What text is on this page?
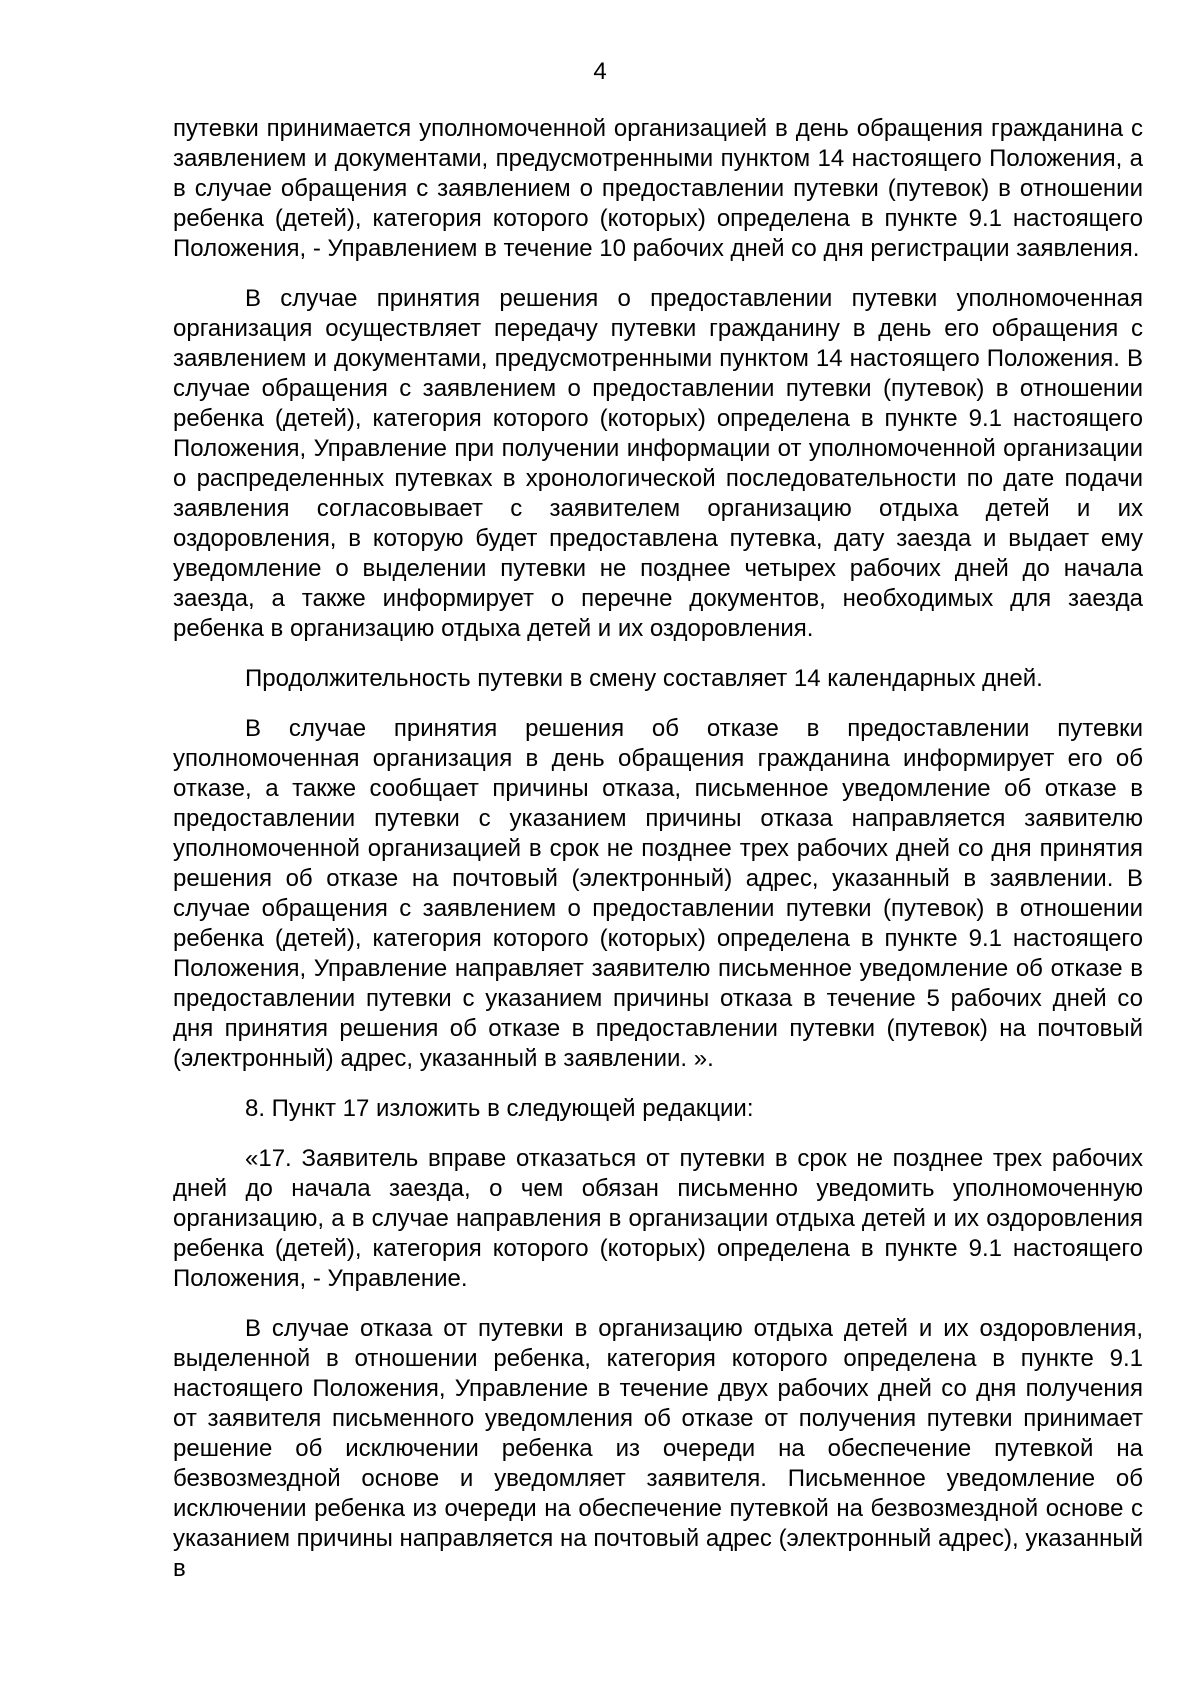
4

путевки принимается уполномоченной организацией в день обращения гражданина с заявлением и документами, предусмотренными пунктом 14 настоящего Положения, а в случае обращения с заявлением о предоставлении путевки (путевок) в отношении ребенка (детей), категория которого (которых) определена в пункте 9.1 настоящего Положения, - Управлением в течение 10 рабочих дней со дня регистрации заявления.

В случае принятия решения о предоставлении путевки уполномоченная организация осуществляет передачу путевки гражданину в день его обращения с заявлением и документами, предусмотренными пунктом 14 настоящего Положения. В случае обращения с заявлением о предоставлении путевки (путевок) в отношении ребенка (детей), категория которого (которых) определена в пункте 9.1 настоящего Положения, Управление при получении информации от уполномоченной организации о распределенных путевках в хронологической последовательности по дате подачи заявления согласовывает с заявителем организацию отдыха детей и их оздоровления, в которую будет предоставлена путевка, дату заезда и выдает ему уведомление о выделении путевки не позднее четырех рабочих дней до начала заезда, а также информирует о перечне документов, необходимых для заезда ребенка в организацию отдыха детей и их оздоровления.

Продолжительность путевки в смену составляет 14 календарных дней.

В случае принятия решения об отказе в предоставлении путевки уполномоченная организация в день обращения гражданина информирует его об отказе, а также сообщает причины отказа, письменное уведомление об отказе в предоставлении путевки с указанием причины отказа направляется заявителю уполномоченной организацией в срок не позднее трех рабочих дней со дня принятия решения об отказе на почтовый (электронный) адрес, указанный в заявлении. В случае обращения с заявлением о предоставлении путевки (путевок) в отношении ребенка (детей), категория которого (которых) определена в пункте 9.1 настоящего Положения, Управление направляет заявителю письменное уведомление об отказе в предоставлении путевки с указанием причины отказа в течение 5 рабочих дней со дня принятия решения об отказе в предоставлении путевки (путевок) на почтовый (электронный) адрес, указанный в заявлении. ».

8. Пункт 17 изложить в следующей редакции:

«17. Заявитель вправе отказаться от путевки в срок не позднее трех рабочих дней до начала заезда, о чем обязан письменно уведомить уполномоченную организацию, а в случае направления в организации отдыха детей и их оздоровления ребенка (детей), категория которого (которых) определена в пункте 9.1 настоящего Положения, - Управление.

В случае отказа от путевки в организацию отдыха детей и их оздоровления, выделенной в отношении ребенка, категория которого определена в пункте 9.1 настоящего Положения, Управление в течение двух рабочих дней со дня получения от заявителя письменного уведомления об отказе от получения путевки принимает решение об исключении ребенка из очереди на обеспечение путевкой на безвозмездной основе и уведомляет заявителя. Письменное уведомление об исключении ребенка из очереди на обеспечение путевкой на безвозмездной основе с указанием причины направляется на почтовый адрес (электронный адрес), указанный в
